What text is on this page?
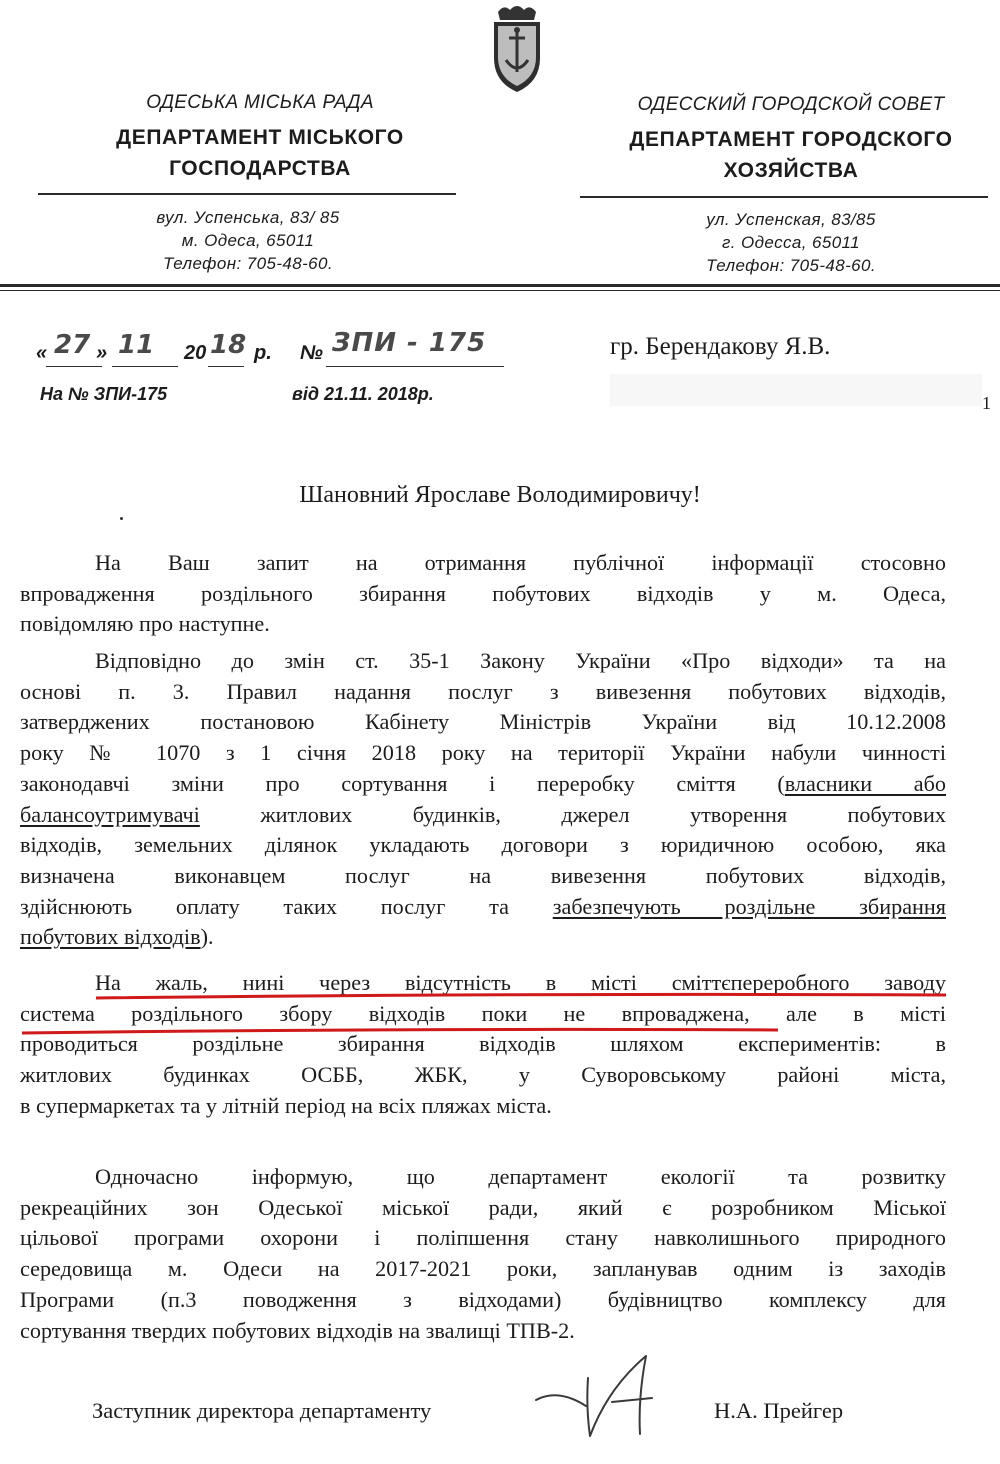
ОДЕСЬКА МІСЬКА РАДА
ДЕПАРТАМЕНТ МІСЬКОГО
ГОСПОДАРСТВА
вул. Успенська, 83/ 85
м. Одеса, 65011
Телефон: 705-48-60.
ОДЕССКИЙ ГОРОДСКОЙ СОВЕТ
ДЕПАРТАМЕНТ ГОРОДСКОГО
ХОЗЯЙСТВА
ул. Успенская, 83/85
г. Одесса, 65011
Телефон: 705-48-60.
« 27 » 11 20 18 р. № ЗПИ - 175
На № ЗПИ-175	від 21.11. 2018р.
гр. Берендакову Я.В.
1
Шановний Ярославе Володимировичу!
На Ваш запит на отримання публічної інформації стосовно
впровадження роздільного збирання побутових відходів у м. Одеса,
повідомляю про наступне.
Відповідно до змін ст. 35-1 Закону України «Про відходи» та на
основі п. 3. Правил надання послуг з вивезення побутових відходів,
затверджених постановою Кабінету Міністрів України від 10.12.2008
року № 1070 з 1 січня 2018 року на території України набули чинності
законодавчі зміни про сортування і переробку сміття (власники або
балансоутримувачі житлових будинків, джерел утворення побутових
відходів, земельних ділянок укладають договори з юридичною особою, яка
визначена виконавцем послуг на вивезення побутових відходів,
здійснюють оплату таких послуг та забезпечують роздільне збирання
побутових відходів).
На жаль, нині через відсутність в місті сміттєпереробного заводу
система роздільного збору відходів поки не впроваджена, але в місті
проводиться роздільне збирання відходів шляхом експериментів: в
житлових будинках ОСББ, ЖБК, у Суворовському районі міста,
в супермаркетах та у літній період на всіх пляжах міста.
Одночасно інформую, що департамент екології та розвитку
рекреаційних зон Одеської міської ради, який є розробником Міської
цільової програми охорони і поліпшення стану навколишнього природного
середовища м. Одеси на 2017-2021 роки, запланував одним із заходів
Програми (п.3 поводження з відходами) будівництво комплексу для
сортування твердих побутових відходів на звалищі ТПВ-2.
Заступник директора департаменту	Н.А. Прейгер
